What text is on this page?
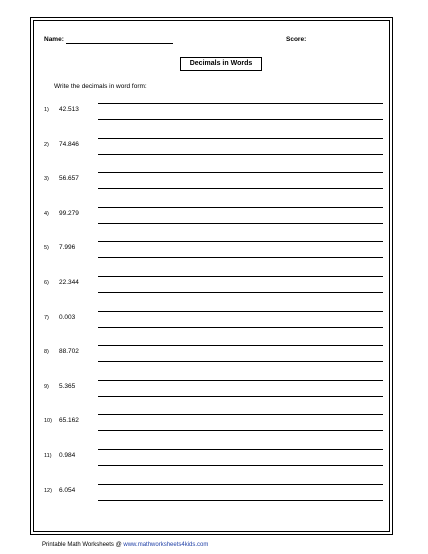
Name:	Score:
Decimals in Words
Write the decimals in word form:
1) 42.513
2) 74.846
3) 56.657
4) 99.279
5) 7.996
6) 22.344
7) 0.003
8) 88.702
9) 5.365
10) 65.162
11) 0.984
12) 6.054
Printable Math Worksheets @ www.mathworksheets4kids.com
